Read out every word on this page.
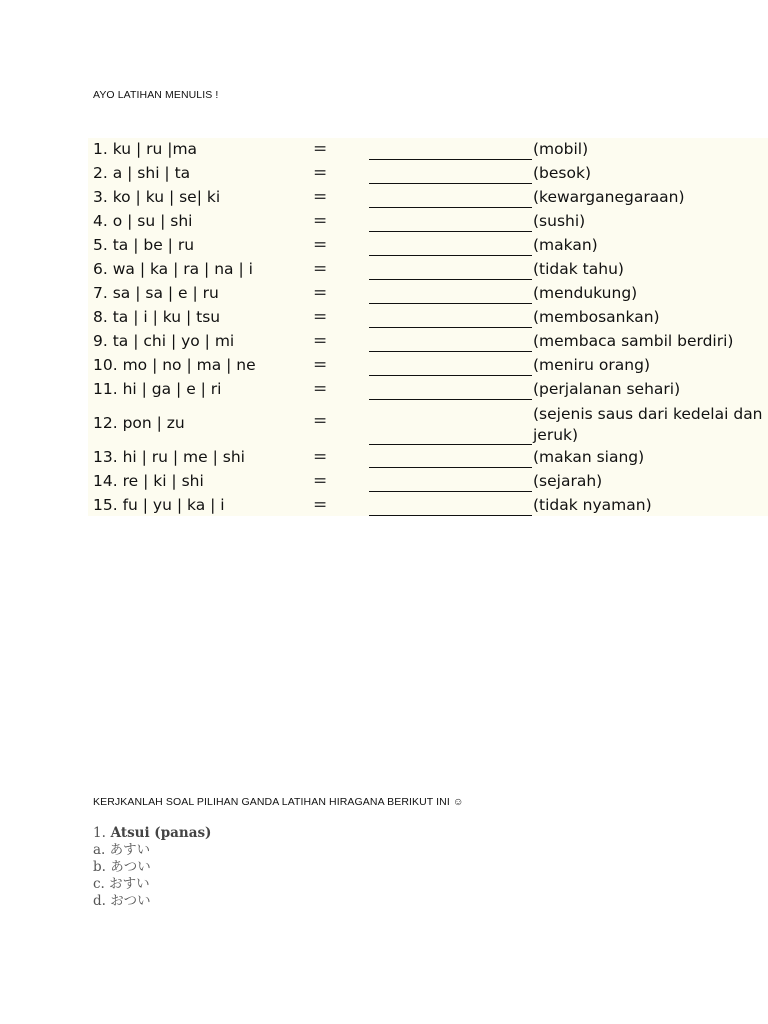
AYO LATIHAN MENULIS !
1. ku | ru |ma	=	(mobil)
2. a | shi | ta	=	(besok)
3. ko | ku | se| ki	=	(kewarganegaraan)
4. o | su | shi	=	(sushi)
5. ta | be | ru	=	(makan)
6. wa | ka | ra | na | i	=	(tidak tahu)
7. sa | sa | e | ru	=	(mendukung)
8. ta | i | ku | tsu	=	(membosankan)
9. ta | chi | yo | mi	=	(membaca sambil berdiri)
10. mo | no | ma | ne	=	(meniru orang)
11. hi | ga | e | ri	=	(perjalanan sehari)
12. pon | zu	=	(sejenis saus dari kedelai dan jeruk)
13. hi | ru | me | shi	=	(makan siang)
14. re | ki | shi	=	(sejarah)
15. fu | yu | ka | i	=	(tidak nyaman)
KERJKANLAH SOAL PILIHAN GANDA LATIHAN HIRAGANA BERIKUT INI ☺
1. Atsui (panas)
a. あすい
b. あつい
c. おすい
d. おつい
